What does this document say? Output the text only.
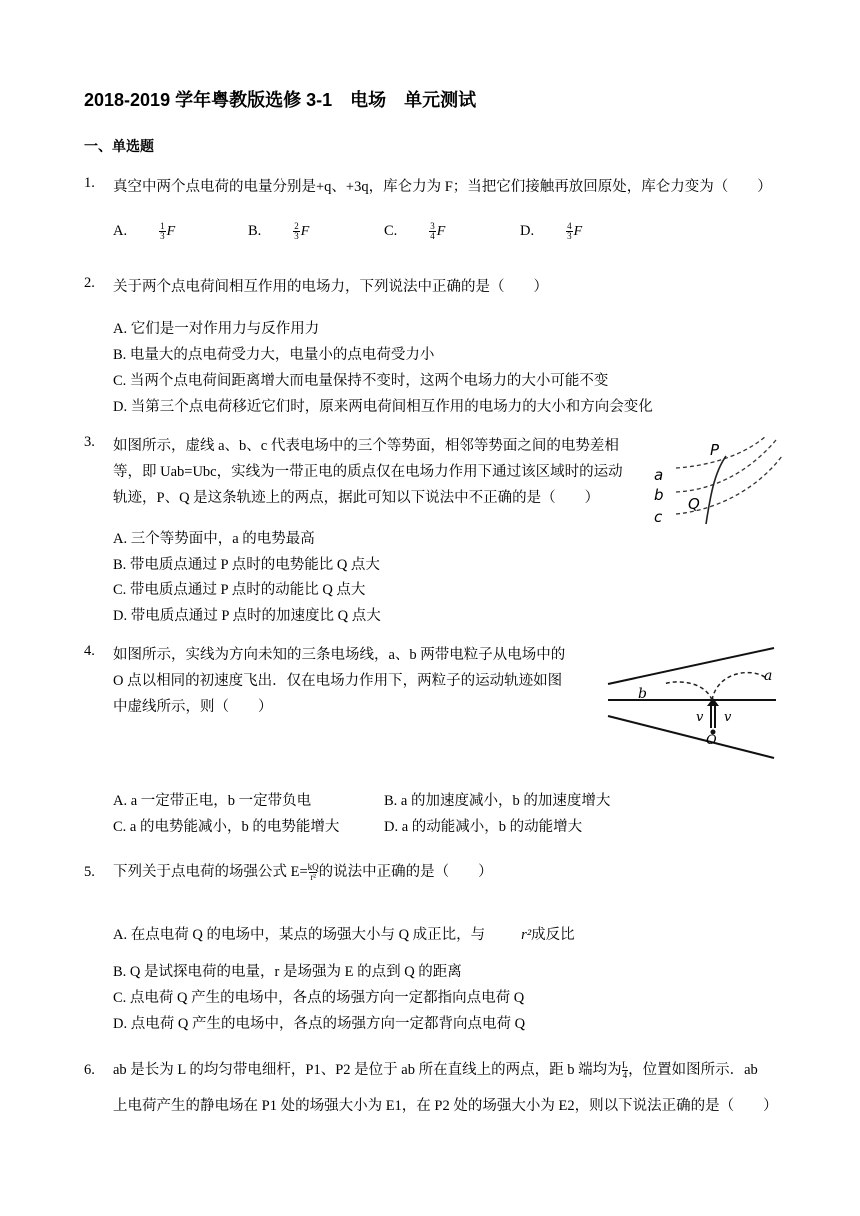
2018-2019 学年粤教版选修 3-1　电场　单元测试
一、单选题
1. 真空中两个点电荷的电量分别是+q、+3q，库仑力为 F；当把它们接触再放回原处，库仑力变为（　　）
A.	$\frac{1}{3}$ F	B.	$\frac{2}{3}$ F	C.	$\frac{3}{4}$ F	D.	$\frac{4}{3}$ F
2. 关于两个点电荷间相互作用的电场力，下列说法中正确的是（　　）
A. 它们是一对作用力与反作用力
B. 电量大的点电荷受力大，电量小的点电荷受力小
C. 当两个点电荷间距离增大而电量保持不变时，这两个电场力的大小可能不变
D. 当第三个点电荷移近它们时，原来两电荷间相互作用的电场力的大小和方向会变化
3. 如图所示，虚线 a、b、c 代表电场中的三个等势面，相邻等势面之间的电势差相
等，即 Uab=Ubc，实线为一带正电的质点仅在电场力作用下通过该区域时的运动
轨迹，P、Q 是这条轨迹上的两点，据此可知以下说法中不正确的是（　　）
A. 三个等势面中，a 的电势最高
B. 带电质点通过 P 点时的电势能比 Q 点大
C. 带电质点通过 P 点时的动能比 Q 点大
D. 带电质点通过 P 点时的加速度比 Q 点大
P
Q
a
b
c
4. 如图所示，实线为方向未知的三条电场线，a、b 两带电粒子从电场中的
O 点以相同的初速度飞出．仅在电场力作用下，两粒子的运动轨迹如图
中虚线所示，则（　　）
A. a 一定带正电，b 一定带负电	B. a 的加速度减小，b 的加速度增大
C. a 的电势能减小，b 的电势能增大	D. a 的动能减小，b 的动能增大
a
b
v v
O
5. 下列关于点电荷的场强公式 $E= \frac{kQ}{\text{r²}}$ 的说法中正确的是（　　）
A. 在点电荷 Q 的电场中，某点的场强大小与 Q 成正比，与 r²成反比
B. Q 是试探电荷的电量，r 是场强为 E 的点到 Q 的距离
C. 点电荷 Q 产生的电场中，各点的场强方向一定都指向点电荷 Q
D. 点电荷 Q 产生的电场中，各点的场强方向一定都背向点电荷 Q
6. ab 是长为 L 的均匀带电细杆，P1、P2 是位于 ab 所在直线上的两点，距 b 端均为 $\frac{L}{4}$ ，位置如图所示．ab
上电荷产生的静电场在 P1 处的场强大小为 E1，在 P2 处的场强大小为 E2，则以下说法正确的是（　　）
